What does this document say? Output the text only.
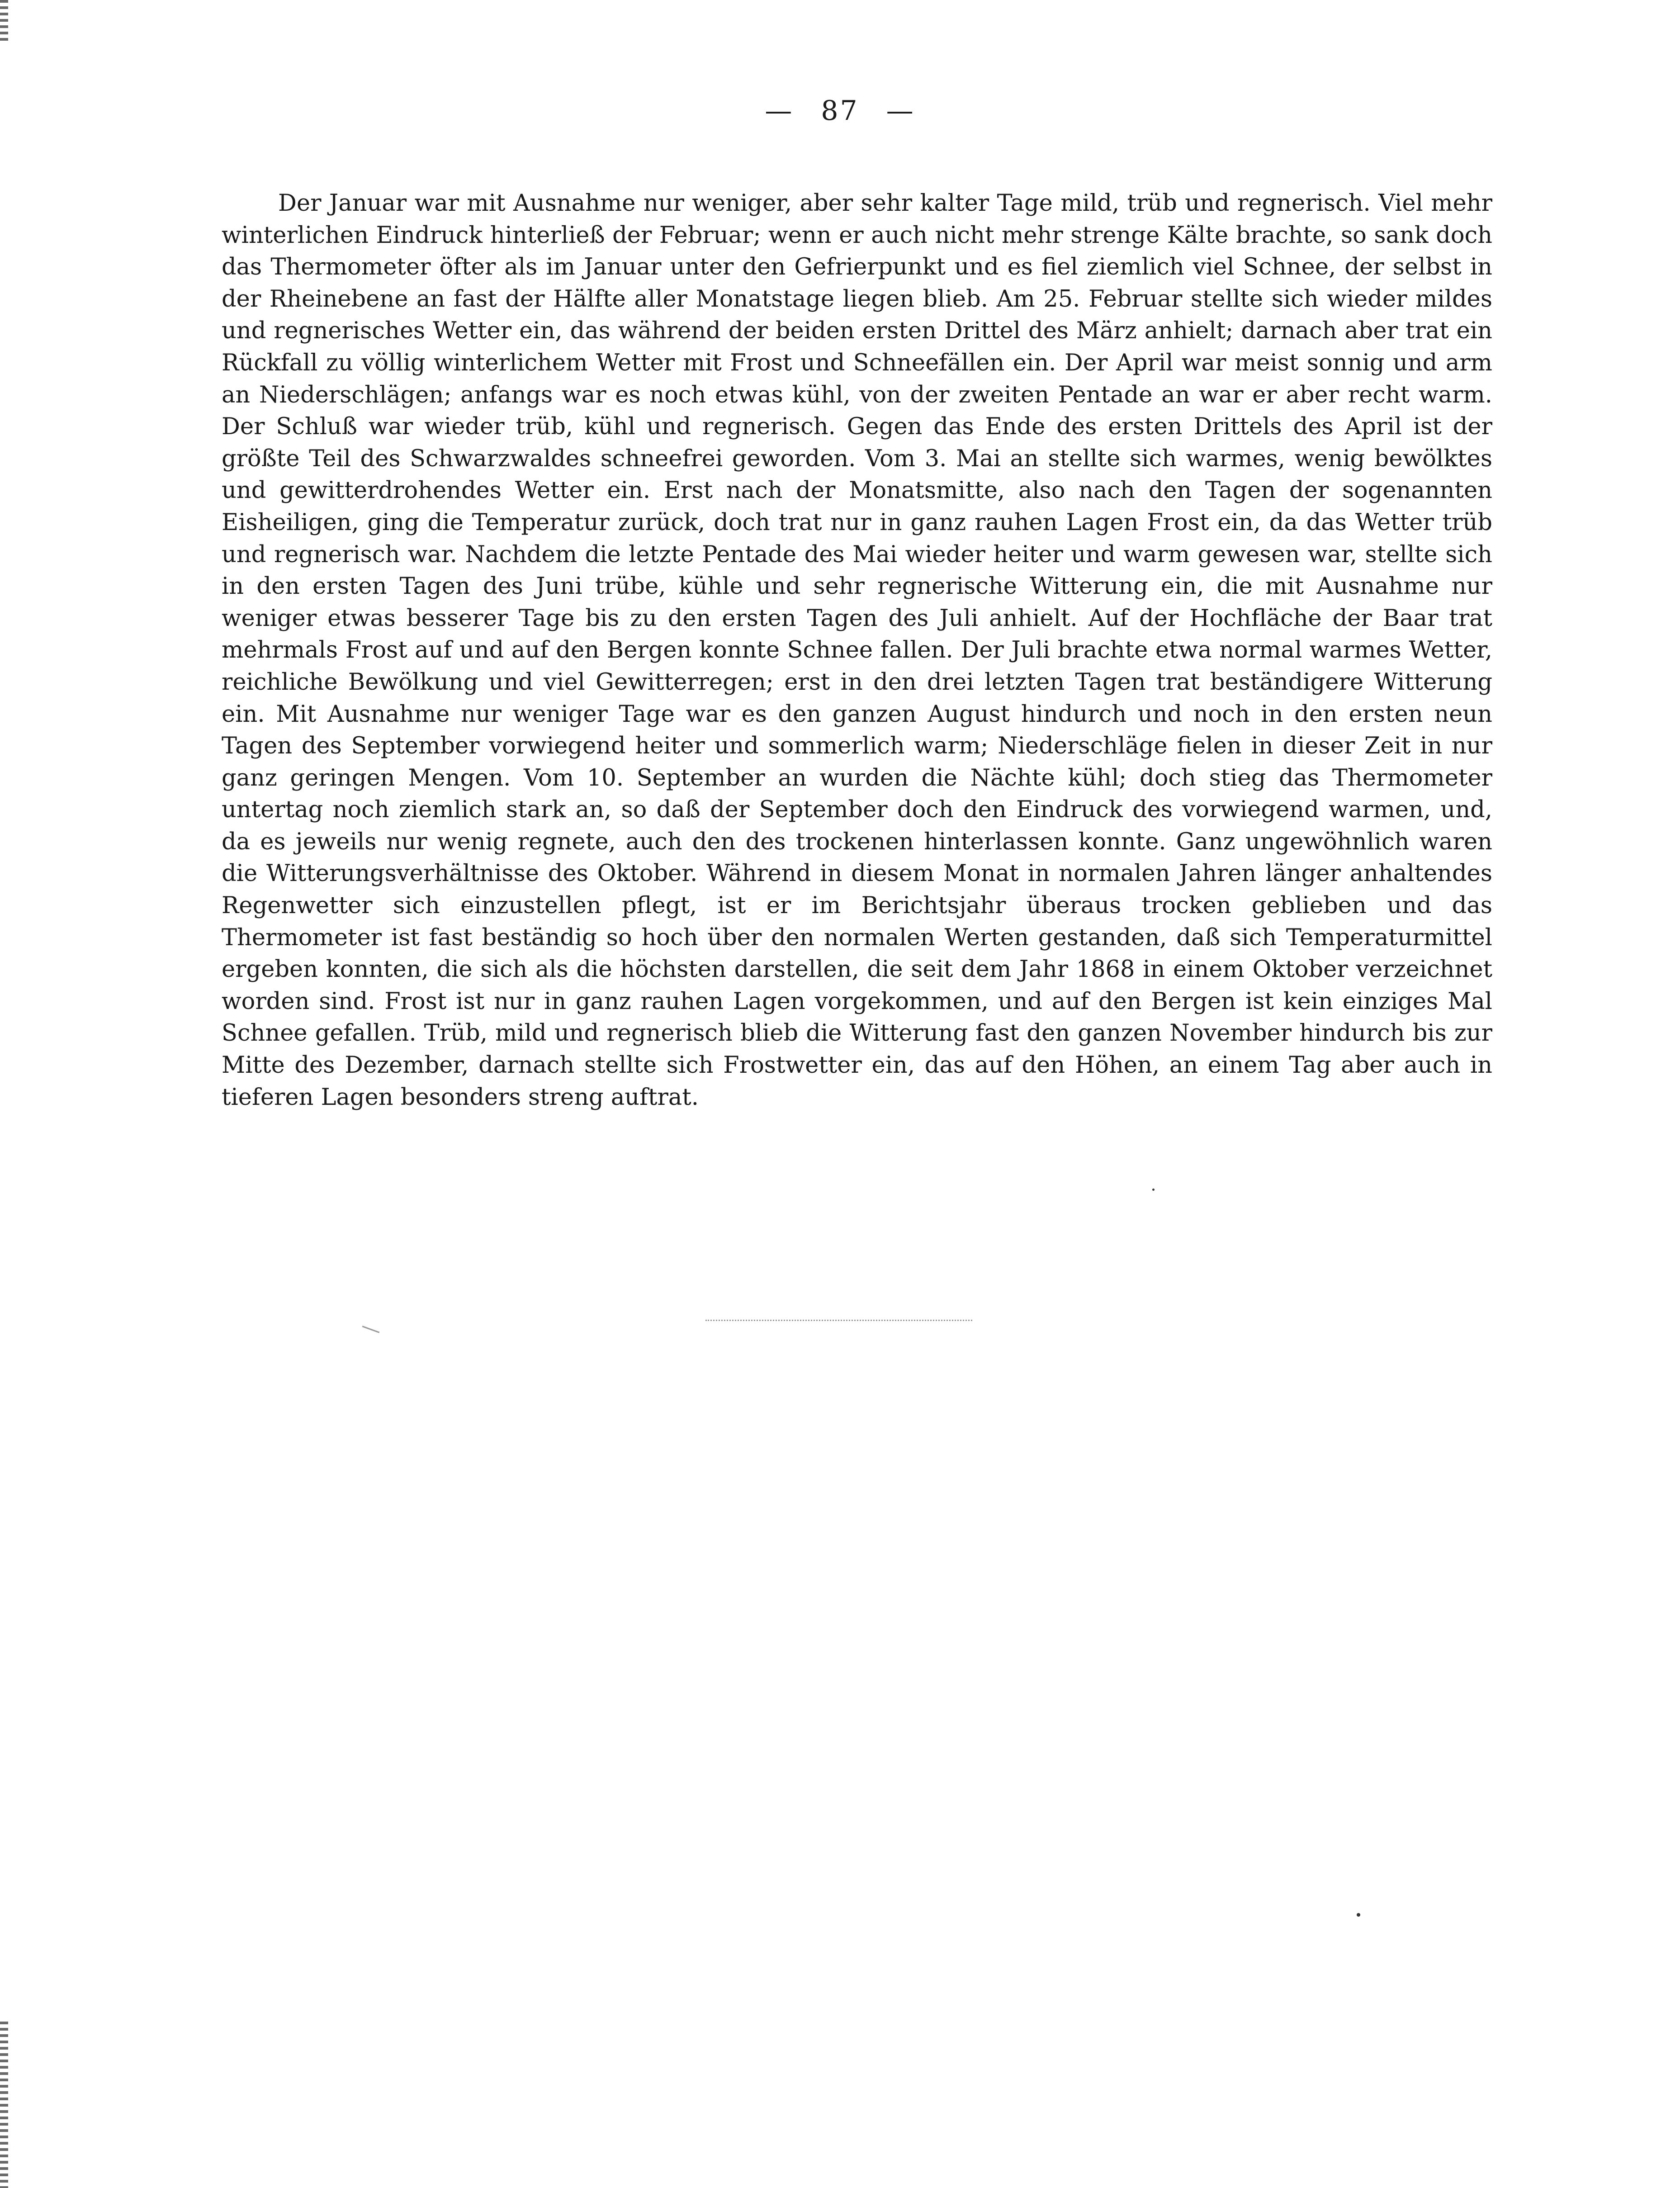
— 87 —

Der Januar war mit Ausnahme nur weniger, aber sehr kalter Tage mild, trüb und regnerisch. Viel mehr winterlichen Eindruck hinterließ der Februar; wenn er auch nicht mehr strenge Kälte brachte, so sank doch das Thermometer öfter als im Januar unter den Gefrierpunkt und es fiel ziemlich viel Schnee, der selbst in der Rheinebene an fast der Hälfte aller Monatstage liegen blieb. Am 25. Februar stellte sich wieder mildes und regnerisches Wetter ein, das während der beiden ersten Drittel des März anhielt; darnach aber trat ein Rückfall zu völlig winterlichem Wetter mit Frost und Schneefällen ein. Der April war meist sonnig und arm an Niederschlägen; anfangs war es noch etwas kühl, von der zweiten Pentade an war er aber recht warm. Der Schluß war wieder trüb, kühl und regnerisch. Gegen das Ende des ersten Drittels des April ist der größte Teil des Schwarzwaldes schneefrei geworden. Vom 3. Mai an stellte sich warmes, wenig bewölktes und gewitterdrohendes Wetter ein. Erst nach der Monatsmitte, also nach den Tagen der sogenannten Eisheiligen, ging die Temperatur zurück, doch trat nur in ganz rauhen Lagen Frost ein, da das Wetter trüb und regnerisch war. Nachdem die letzte Pentade des Mai wieder heiter und warm gewesen war, stellte sich in den ersten Tagen des Juni trübe, kühle und sehr regnerische Witterung ein, die mit Ausnahme nur weniger etwas besserer Tage bis zu den ersten Tagen des Juli anhielt. Auf der Hochfläche der Baar trat mehrmals Frost auf und auf den Bergen konnte Schnee fallen. Der Juli brachte etwa normal warmes Wetter, reichliche Bewölkung und viel Gewitterregen; erst in den drei letzten Tagen trat beständigere Witterung ein. Mit Ausnahme nur weniger Tage war es den ganzen August hindurch und noch in den ersten neun Tagen des September vorwiegend heiter und sommerlich warm; Niederschläge fielen in dieser Zeit in nur ganz geringen Mengen. Vom 10. September an wurden die Nächte kühl; doch stieg das Thermometer untertag noch ziemlich stark an, so daß der September doch den Eindruck des vorwiegend warmen, und, da es jeweils nur wenig regnete, auch den des trockenen hinterlassen konnte. Ganz ungewöhnlich waren die Witterungsverhältnisse des Oktober. Während in diesem Monat in normalen Jahren länger anhaltendes Regenwetter sich einzustellen pflegt, ist er im Berichtsjahr überaus trocken geblieben und das Thermometer ist fast beständig so hoch über den normalen Werten gestanden, daß sich Temperaturmittel ergeben konnten, die sich als die höchsten darstellen, die seit dem Jahr 1868 in einem Oktober verzeichnet worden sind. Frost ist nur in ganz rauhen Lagen vorgekommen, und auf den Bergen ist kein einziges Mal Schnee gefallen. Trüb, mild und regnerisch blieb die Witterung fast den ganzen November hindurch bis zur Mitte des Dezember, darnach stellte sich Frostwetter ein, das auf den Höhen, an einem Tag aber auch in tieferen Lagen besonders streng auftrat.
